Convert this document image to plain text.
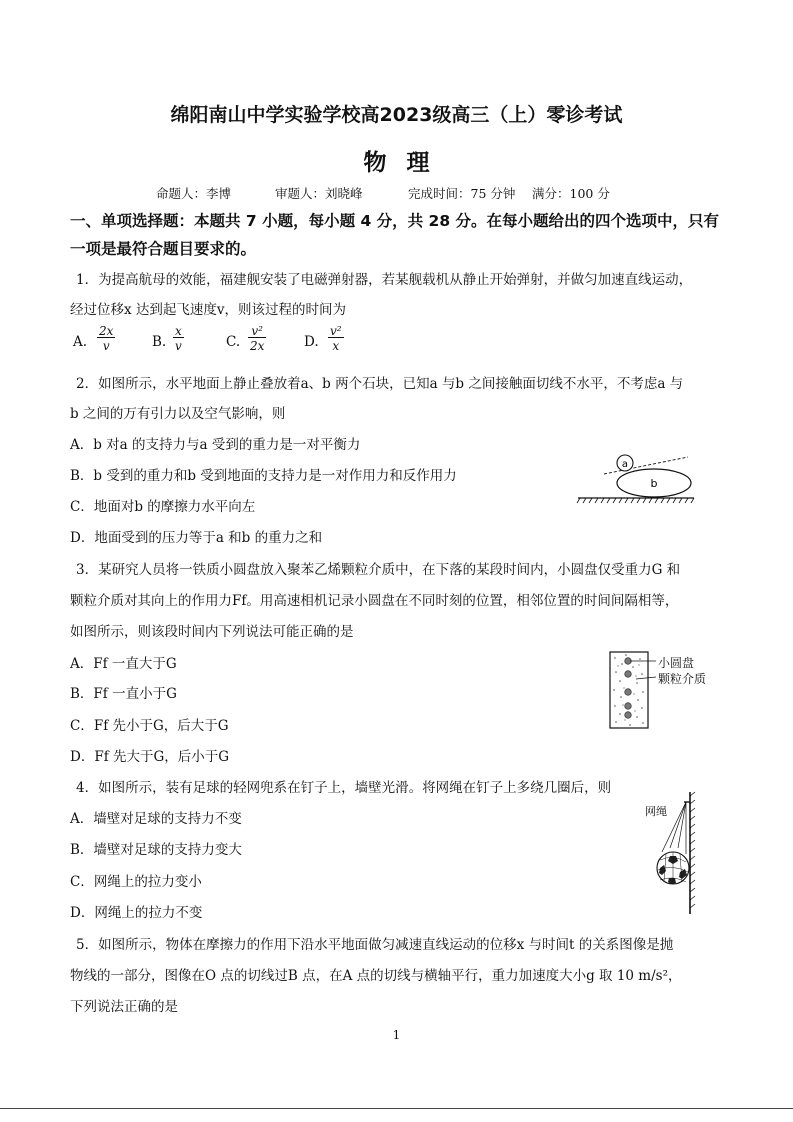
绵阳南山中学实验学校高2023级高三（上）零诊考试
物 理
命题人：李博	审题人：刘晓峰	完成时间：75 分钟 满分：100 分
一、单项选择题：本题共 7 小题，每小题 4 分，共 28 分。在每小题给出的四个选项中，只有
一项是最符合题目要求的。
1．为提高航母的效能，福建舰安装了电磁弹射器，若某舰载机从静止开始弹射，并做匀加速直线运动，
经过位移x 达到起飞速度v，则该过程的时间为
A. $\frac{2x}{v}$	B. $\frac{x}{v}$	C. $\frac{\text{v²}}{2x}$	D. $\frac{\text{v²}}{x}$
2．如图所示，水平地面上静止叠放着a、b 两个石块，已知a 与b 之间接触面切线不水平，不考虑a 与
b 之间的万有引力以及空气影响，则
A．b 对a 的支持力与a 受到的重力是一对平衡力
B．b 受到的重力和b 受到地面的支持力是一对作用力和反作用力
C．地面对b 的摩擦力水平向左
D．地面受到的压力等于a 和b 的重力之和
a
b
3．某研究人员将一铁质小圆盘放入聚苯乙烯颗粒介质中，在下落的某段时间内，小圆盘仅受重力G 和
颗粒介质对其向上的作用力Ff。用高速相机记录小圆盘在不同时刻的位置，相邻位置的时间间隔相等，
如图所示，则该段时间内下列说法可能正确的是
A．Ff 一直大于G
B．Ff 一直小于G
C．Ff 先小于G，后大于G
D．Ff 先大于G，后小于G
小圆盘
颗粒介质
4．如图所示，装有足球的轻网兜系在钉子上，墙壁光滑。将网绳在钉子上多绕几圈后，则
A．墙壁对足球的支持力不变
B．墙壁对足球的支持力变大
C．网绳上的拉力变小
D．网绳上的拉力不变
网绳
5．如图所示，物体在摩擦力的作用下沿水平地面做匀减速直线运动的位移x 与时间t 的关系图像是抛
物线的一部分，图像在O 点的切线过B 点，在A 点的切线与横轴平行，重力加速度大小g 取 10 m/s²，
下列说法正确的是
1
